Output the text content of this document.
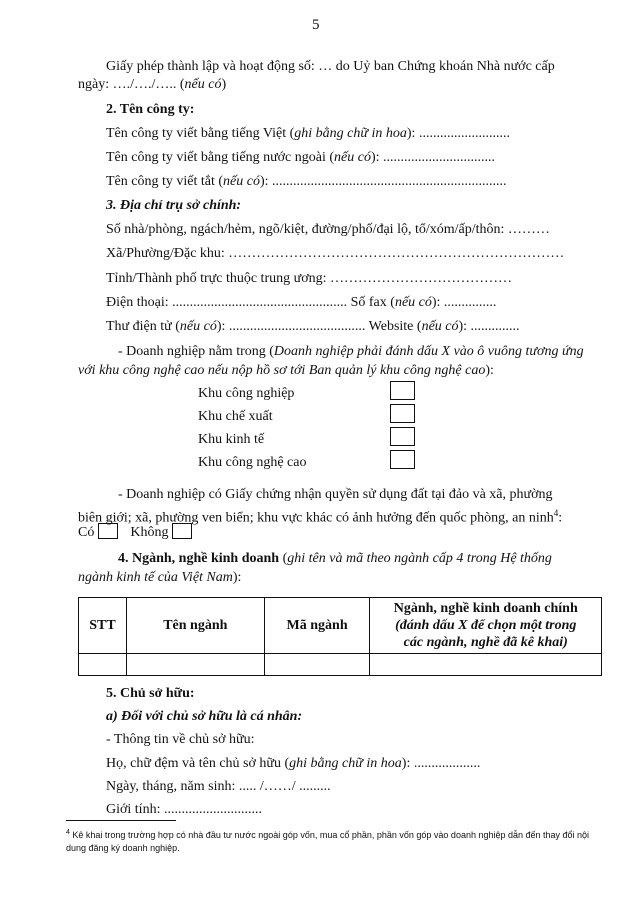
5
Giấy phép thành lập và hoạt động số: … do Uỷ ban Chứng khoán Nhà nước cấp
ngày: …./…./….. (nếu có)
2. Tên công ty:
Tên công ty viết bằng tiếng Việt (ghi bằng chữ in hoa): ..........................
Tên công ty viết bằng tiếng nước ngoài (nếu có): ................................
Tên công ty viết tắt (nếu có): ...................................................................
3. Địa chỉ trụ sở chính:
Số nhà/phòng, ngách/hẻm, ngõ/kiệt, đường/phố/đại lộ, tổ/xóm/ấp/thôn: ………
Xã/Phường/Đặc khu: ………………………………………………………………
Tỉnh/Thành phố trực thuộc trung ương: …………………………………
Điện thoại: .................................................. Số fax (nếu có): ...............
Thư điện tử (nếu có): ....................................... Website (nếu có): ..............
- Doanh nghiệp nằm trong (Doanh nghiệp phải đánh dấu X vào ô vuông tương ứng
với khu công nghệ cao nếu nộp hồ sơ tới Ban quản lý khu công nghệ cao):
Khu công nghiệp
Khu chế xuất
Khu kinh tế
Khu công nghệ cao
- Doanh nghiệp có Giấy chứng nhận quyền sử dụng đất tại đảo và xã, phường
biên giới; xã, phường ven biển; khu vực khác có ảnh hưởng đến quốc phòng, an ninh$^4$:
Có	Không
4. Ngành, nghề kinh doanh (ghi tên và mã theo ngành cấp 4 trong Hệ thống
ngành kinh tế của Việt Nam):
STT	Tên ngành	Mã ngành	Ngành, nghề kinh doanh chính
(đánh dấu X để chọn một trong
các ngành, nghề đã kê khai)

5. Chủ sở hữu:
a) Đối với chủ sở hữu là cá nhân:
- Thông tin về chủ sở hữu:
Họ, chữ đệm và tên chủ sở hữu (ghi bằng chữ in hoa): ...................
Ngày, tháng, năm sinh: ..... /……/ .........
Giới tính: ............................
$^4$ Kê khai trong trường hợp có nhà đầu tư nước ngoài góp vốn, mua cổ phần, phần vốn góp vào doanh nghiệp dẫn đến thay đổi nội dung đăng ký doanh nghiệp.
